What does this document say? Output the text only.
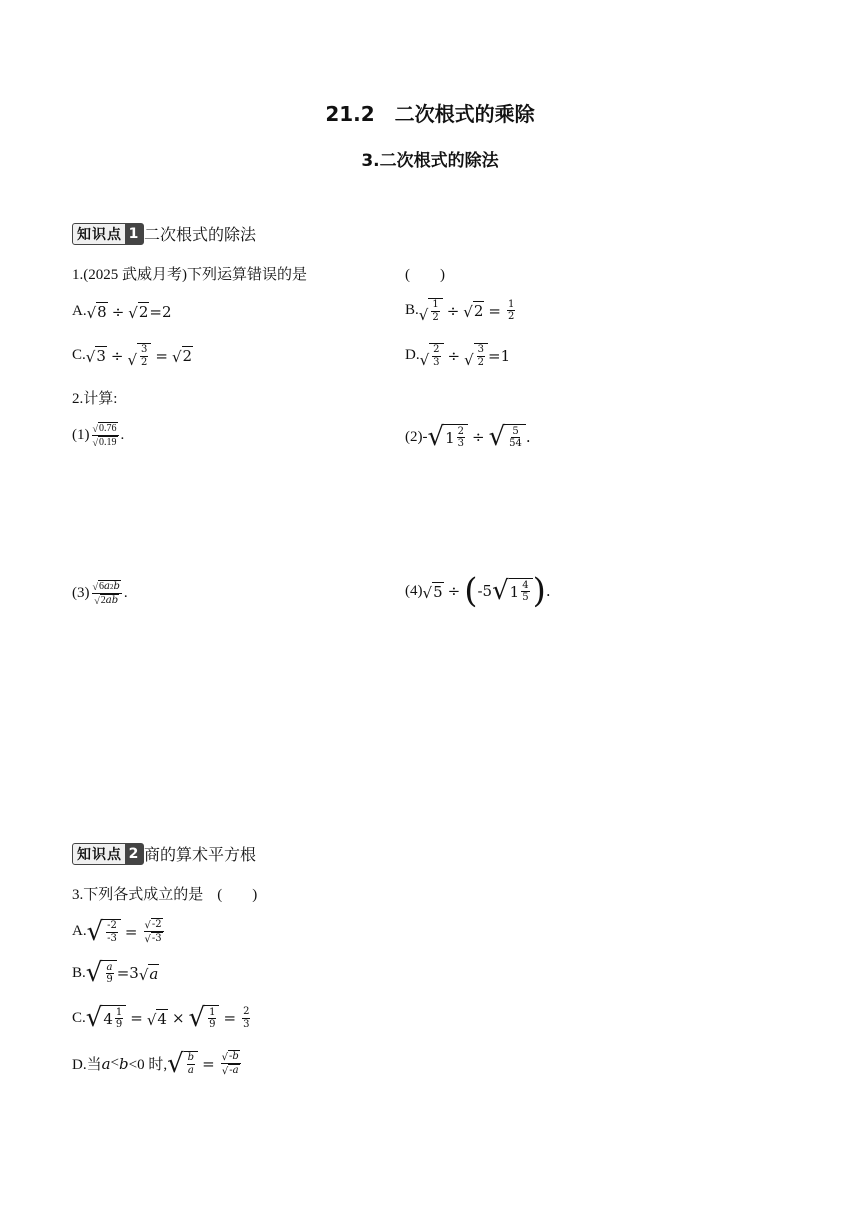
21.2　二次根式的乘除
3.二次根式的除法
知识点 1 二次根式的除法
1.(2025 武威月考)下列运算错误的是	(　　)
A. √ 8 ÷ √ 2 =2	B. √
1
2 ÷ √ $2 = \frac{1}{2}$
C. √ 3 ÷ √
3
2 = √ 2	D. √
2
3 ÷ √
3
2 =1
2.计算:
(1) √ 0.76
√ 0.19 .	(2)- √ 1 2
3 ÷ √ 5
54 .
(3) √ 6 a 2 b
√ 2 ab .	(4) √ 5 ÷ ( -5 √ 1 4
5 ) .
知识点 2 商的算术平方根
3.下列各式成立的是 (　　)
A. √ -2
$-3 = \frac{√ -2}{√ -3}$
B. √ a
9 =3 √ a
C. √ 4 1
9 = √ 4 × √ 1
$9 = \frac{2}{3}$
D.当 a < b <0 时, √ b
$a = \frac{√ - b}{√ - a}$
